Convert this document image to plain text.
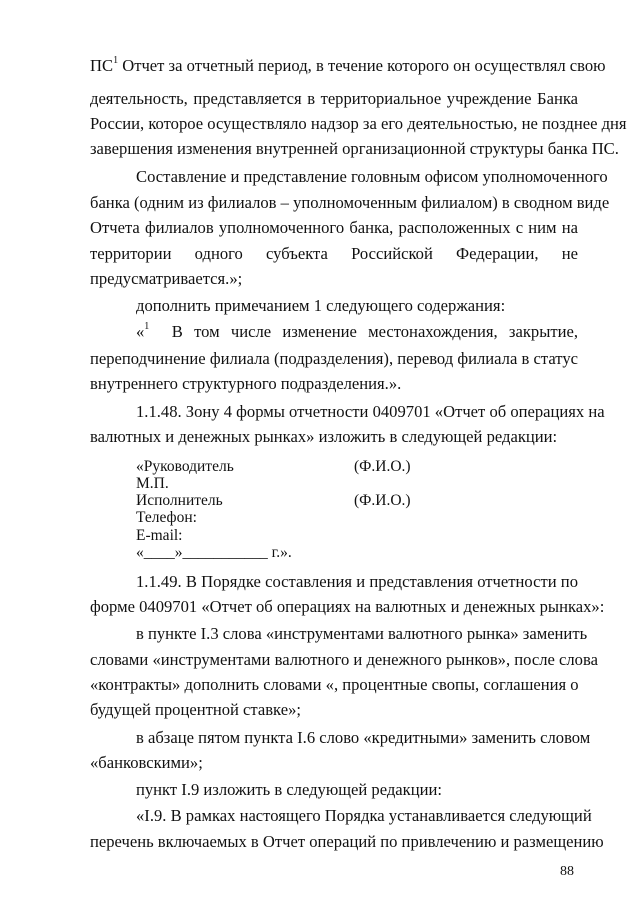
$ПС^1$ Отчет за отчетный период, в течение которого он осуществлял свою
деятельность, представляется в территориальное учреждение Банка
России, которое осуществляло надзор за его деятельностью, не позднее дня
завершения изменения внутренней организационной структуры банка ПС.
Составление и представление головным офисом уполномоченного
банка (одним из филиалов – уполномоченным филиалом) в сводном виде
Отчета филиалов уполномоченного банка, расположенных с ним на
территории одного субъекта Российской Федерации, не
предусматривается.»;
дополнить примечанием 1 следующего содержания:
«$^1$  В том числе изменение местонахождения, закрытие,
переподчинение филиала (подразделения), перевод филиала в статус
внутреннего структурного подразделения.».
1.1.48. Зону 4 формы отчетности 0409701 «Отчет об операциях на
валютных и денежных рынках» изложить в следующей редакции:
«Руководитель	(Ф.И.О.)
М.П.
Исполнитель	(Ф.И.О.)
Телефон:
E-mail:
«____»___________ г.».
1.1.49. В Порядке составления и представления отчетности по
форме 0409701 «Отчет об операциях на валютных и денежных рынках»:
в пункте I.3 слова «инструментами валютного рынка» заменить
словами «инструментами валютного и денежного рынков», после слова
«контракты» дополнить словами «, процентные свопы, соглашения о
будущей процентной ставке»;
в абзаце пятом пункта I.6 слово «кредитными» заменить словом
«банковскими»;
пункт I.9 изложить в следующей редакции:
«I.9. В рамках настоящего Порядка устанавливается следующий
перечень включаемых в Отчет операций по привлечению и размещению
88
